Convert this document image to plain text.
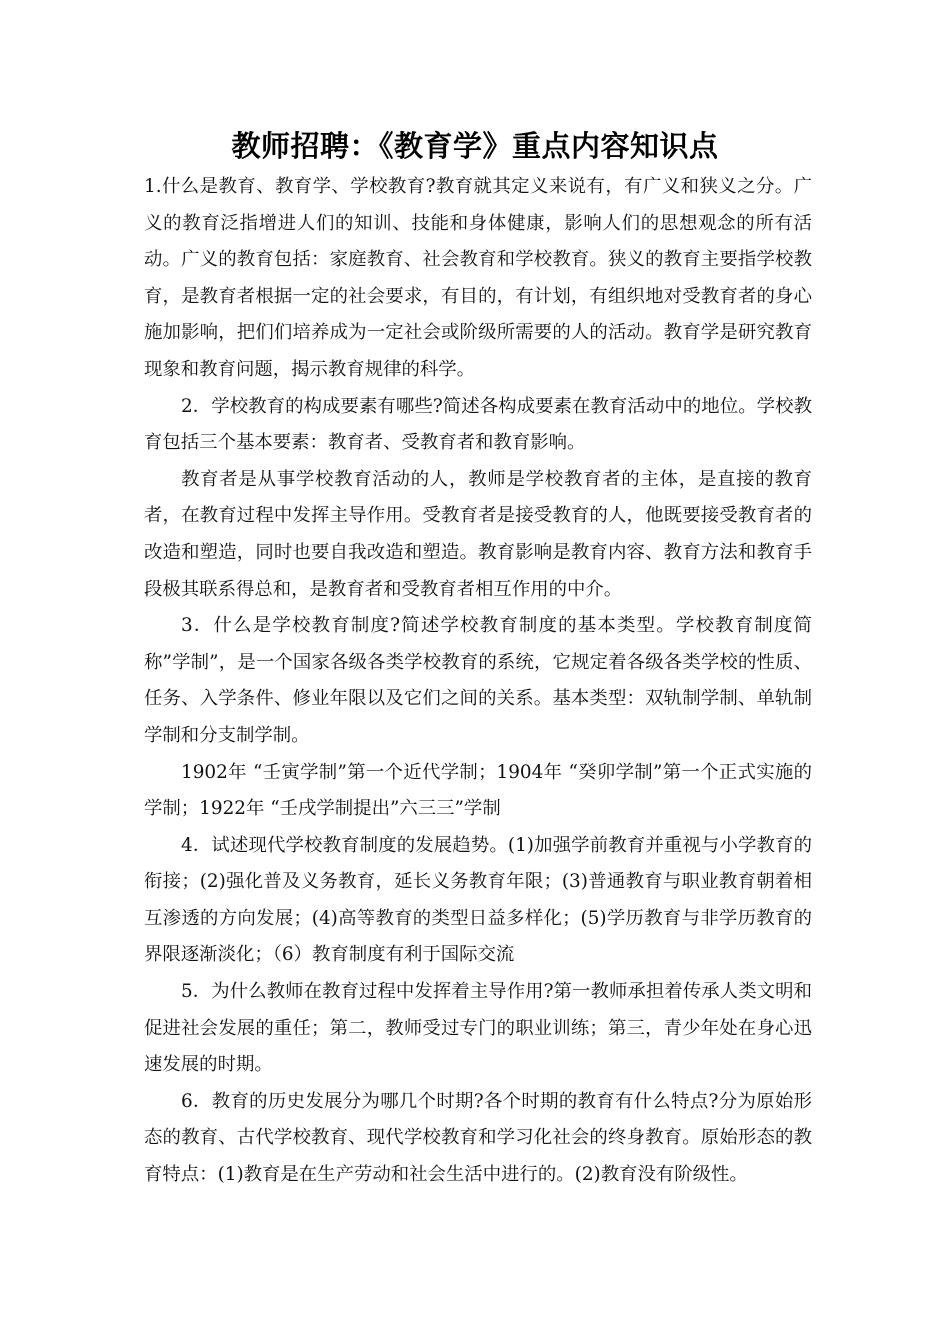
教师招聘：《教育学》重点内容知识点

1.什么是教育、教育学、学校教育?教育就其定义来说有，有广义和狭义之分。广义的教育泛指增进人们的知训、技能和身体健康，影响人们的思想观念的所有活动。广义的教育包括：家庭教育、社会教育和学校教育。狭义的教育主要指学校教育，是教育者根据一定的社会要求，有目的，有计划，有组织地对受教育者的身心施加影响，把们们培养成为一定社会或阶级所需要的人的活动。教育学是研究教育现象和教育问题，揭示教育规律的科学。

2．学校教育的构成要素有哪些?简述各构成要素在教育活动中的地位。学校教育包括三个基本要素：教育者、受教育者和教育影响。

教育者是从事学校教育活动的人，教师是学校教育者的主体，是直接的教育者，在教育过程中发挥主导作用。受教育者是接受教育的人，他既要接受教育者的改造和塑造，同时也要自我改造和塑造。教育影响是教育内容、教育方法和教育手段极其联系得总和，是教育者和受教育者相互作用的中介。

3．什么是学校教育制度?简述学校教育制度的基本类型。学校教育制度简称”学制”，是一个国家各级各类学校教育的系统，它规定着各级各类学校的性质、任务、入学条件、修业年限以及它们之间的关系。基本类型：双轨制学制、单轨制学制和分支制学制。

1902年 “壬寅学制”第一个近代学制；1904年 “癸卯学制”第一个正式实施的学制；1922年 “壬戌学制提出”六三三”学制

4．试述现代学校教育制度的发展趋势。(1)加强学前教育并重视与小学教育的衔接；(2)强化普及义务教育，延长义务教育年限；(3)普通教育与职业教育朝着相互渗透的方向发展；(4)高等教育的类型日益多样化；(5)学历教育与非学历教育的界限逐渐淡化；（6）教育制度有利于国际交流

5．为什么教师在教育过程中发挥着主导作用?第一教师承担着传承人类文明和促进社会发展的重任；第二，教师受过专门的职业训练；第三，青少年处在身心迅速发展的时期。

6．教育的历史发展分为哪几个时期?各个时期的教育有什么特点?分为原始形态的教育、古代学校教育、现代学校教育和学习化社会的终身教育。原始形态的教育特点：(1)教育是在生产劳动和社会生活中进行的。(2)教育没有阶级性。
